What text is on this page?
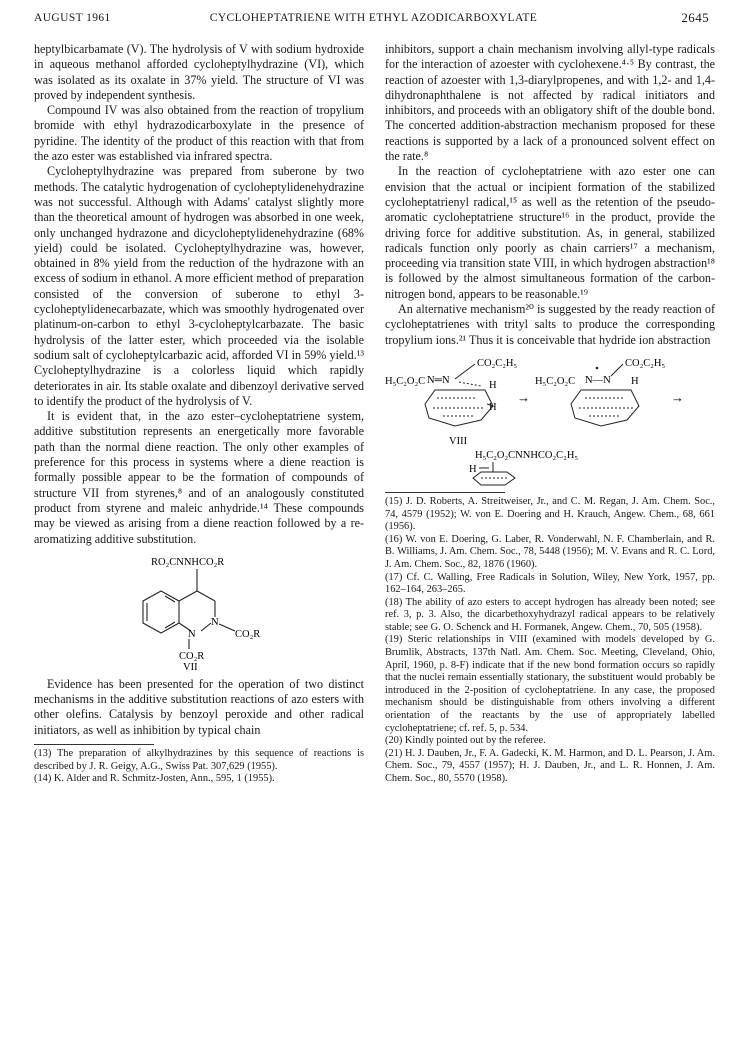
AUGUST 1961	CYCLOHEPTATRIENE WITH ETHYL AZODICARBOXYLATE	2645

heptylbicarbamate (V). The hydrolysis of V with sodium hydroxide in aqueous methanol afforded cycloheptylhydrazine (VI), which was isolated as its oxalate in 37% yield. The structure of VI was proved by independent synthesis.

Compound IV was also obtained from the reaction of tropylium bromide with ethyl hydrazodicarboxylate in the presence of pyridine. The identity of the product of this reaction with that from the azo ester was established via infrared spectra.

Cycloheptylhydrazine was prepared from suberone by two methods. The catalytic hydrogenation of cycloheptylidenehydrazine was not successful. Although with Adams' catalyst slightly more than the theoretical amount of hydrogen was absorbed in one week, only unchanged hydrazone and dicycloheptylidenehydrazine (68% yield) could be isolated. Cycloheptylhydrazine was, however, obtained in 8% yield from the reduction of the hydrazone with an excess of sodium in ethanol. A more efficient method of preparation consisted of the conversion of suberone to ethyl 3-cycloheptylidenecarbazate, which was smoothly hydrogenated over platinum-on-carbon to ethyl 3-cycloheptylcarbazate. The basic hydrolysis of the latter ester, which proceeded via the isolable sodium salt of cycloheptylcarbazic acid, afforded VI in 59% yield.¹³ Cycloheptylhydrazine is a colorless liquid which rapidly deteriorates in air. Its stable oxalate and dibenzoyl derivative served to identify the product of the hydrolysis of V.

It is evident that, in the azo ester–cycloheptatriene system, additive substitution represents an energetically more favorable path than the normal diene reaction. The only other examples of preference for this process in systems where a diene reaction is formally possible appear to be the formation of compounds of structure VII from styrenes,⁸ and of an analogously constituted product from styrene and maleic anhydride.¹⁴ These compounds may be viewed as arising from a diene reaction followed by a re-aromatizing additive substitution.

RO₂CNNHCO₂R
N
N
CO₂R
CO₂R
VII

Evidence has been presented for the operation of two distinct mechanisms in the additive substitution reactions of azo esters with other olefins. Catalysis by benzoyl peroxide and other radical initiators, as well as inhibition by typical chain

(13) The preparation of alkylhydrazines by this sequence of reactions is described by J. R. Geigy, A.G., Swiss Pat. 307,629 (1955).

(14) K. Alder and R. Schmitz-Josten, Ann., 595, 1 (1955).

inhibitors, support a chain mechanism involving allyl-type radicals for the interaction of azoester with cyclohexene.⁴·⁵ By contrast, the reaction of azoester with 1,3-diarylpropenes, and with 1,2- and 1,4-dihydronaphthalene is not affected by radical initiators and inhibitors, and proceeds with an obligatory shift of the double bond. The concerted addition-abstraction mechanism proposed for these reactions is supported by a lack of a pronounced solvent effect on the rate.⁸

In the reaction of cycloheptatriene with azo ester one can envision that the actual or incipient formation of the stabilized cycloheptatrienyl radical,¹⁵ as well as the retention of the pseudo-aromatic cycloheptatriene structure¹⁶ in the product, provide the driving force for additive substitution. As, in general, stabilized radicals function only poorly as chain carriers¹⁷ a mechanism, proceeding via transition state VIII, in which hydrogen abstraction¹⁸ is followed by the almost simultaneous formation of the carbon-nitrogen bond, appears to be reasonable.¹⁹

An alternative mechanism²⁰ is suggested by the ready reaction of cycloheptatrienes with trityl salts to produce the corresponding tropylium ions.²¹ Thus it is conceivable that hydride ion abstraction

CO₂C₂H₅
H₅C₂O₂C N═N	H
H
→
CO₂C₂H₅
H₅C₂O₂C N—N H
→
VIII
H₅C₂O₂CNNHCO₂C₂H₅
H

(15) J. D. Roberts, A. Streitweiser, Jr., and C. M. Regan, J. Am. Chem. Soc., 74, 4579 (1952); W. von E. Doering and H. Krauch, Angew. Chem., 68, 661 (1956).

(16) W. von E. Doering, G. Laber, R. Vonderwahl, N. F. Chamberlain, and R. B. Williams, J. Am. Chem. Soc., 78, 5448 (1956); M. V. Evans and R. C. Lord, J. Am. Chem. Soc., 82, 1876 (1960).

(17) Cf. C. Walling, Free Radicals in Solution, Wiley, New York, 1957, pp. 162–164, 263–265.

(18) The ability of azo esters to accept hydrogen has already been noted; see ref. 3, p. 3. Also, the dicarbethoxyhydrazyl radical appears to be relatively stable; see G. O. Schenck and H. Formanek, Angew. Chem., 70, 505 (1958).

(19) Steric relationships in VIII (examined with models developed by G. Brumlik, Abstracts, 137th Natl. Am. Chem. Soc. Meeting, Cleveland, Ohio, April, 1960, p. 8-F) indicate that if the new bond formation occurs so rapidly that the nuclei remain essentially stationary, the substituent would probably be introduced in the 2-position of cycloheptatriene. In any case, the proposed mechanism should be distinguishable from others involving a different orientation of the reactants by the use of appropriately labelled cycloheptatriene; cf. ref. 5, p. 534.

(20) Kindly pointed out by the referee.

(21) H. J. Dauben, Jr., F. A. Gadecki, K. M. Harmon, and D. L. Pearson, J. Am. Chem. Soc., 79, 4557 (1957); H. J. Dauben, Jr., and L. R. Honnen, J. Am. Chem. Soc., 80, 5570 (1958).
